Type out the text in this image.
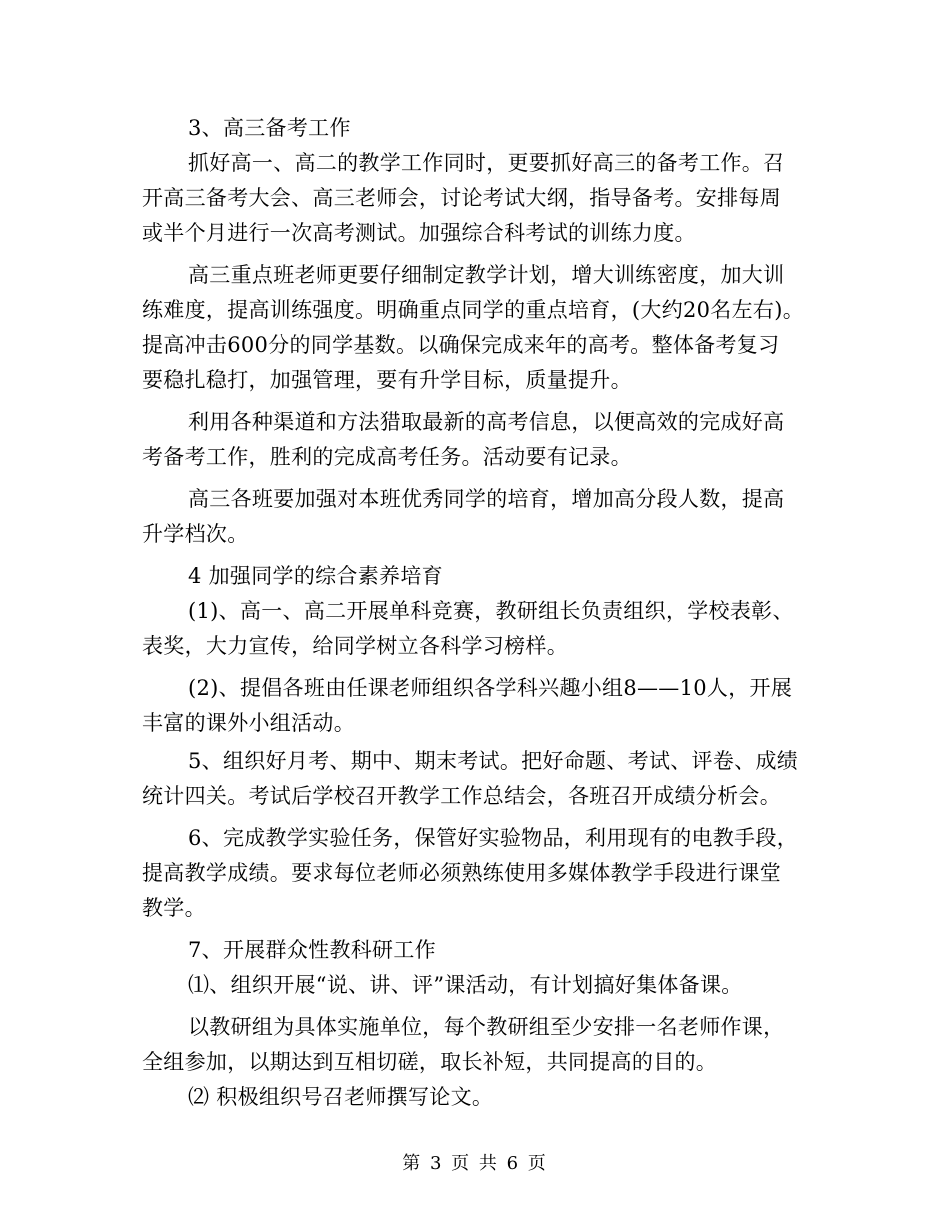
3、高三备考工作
抓好高一、高二的教学工作同时，更要抓好高三的备考工作。召
开高三备考大会、高三老师会，讨论考试大纲，指导备考。安排每周
或半个月进行一次高考测试。加强综合科考试的训练力度。
高三重点班老师更要仔细制定教学计划，增大训练密度，加大训
练难度，提高训练强度。明确重点同学的重点培育，(大约20名左右)。
提高冲击600分的同学基数。以确保完成来年的高考。整体备考复习
要稳扎稳打，加强管理，要有升学目标，质量提升。
利用各种渠道和方法猎取最新的高考信息，以便高效的完成好高
考备考工作，胜利的完成高考任务。活动要有记录。
高三各班要加强对本班优秀同学的培育，增加高分段人数，提高
升学档次。
4 加强同学的综合素养培育
(1)、高一、高二开展单科竞赛，教研组长负责组织，学校表彰、
表奖，大力宣传，给同学树立各科学习榜样。
(2)、提倡各班由任课老师组织各学科兴趣小组8——10人，开展
丰富的课外小组活动。
5、组织好月考、期中、期末考试。把好命题、考试、评卷、成绩
统计四关。考试后学校召开教学工作总结会，各班召开成绩分析会。
6、完成教学实验任务，保管好实验物品，利用现有的电教手段，
提高教学成绩。要求每位老师必须熟练使用多媒体教学手段进行课堂
教学。
7、开展群众性教科研工作
⑴、组织开展“说、讲、评”课活动，有计划搞好集体备课。
以教研组为具体实施单位，每个教研组至少安排一名老师作课，
全组参加，以期达到互相切磋，取长补短，共同提高的目的。
⑵ 积极组织号召老师撰写论文。
第 3 页 共 6 页
